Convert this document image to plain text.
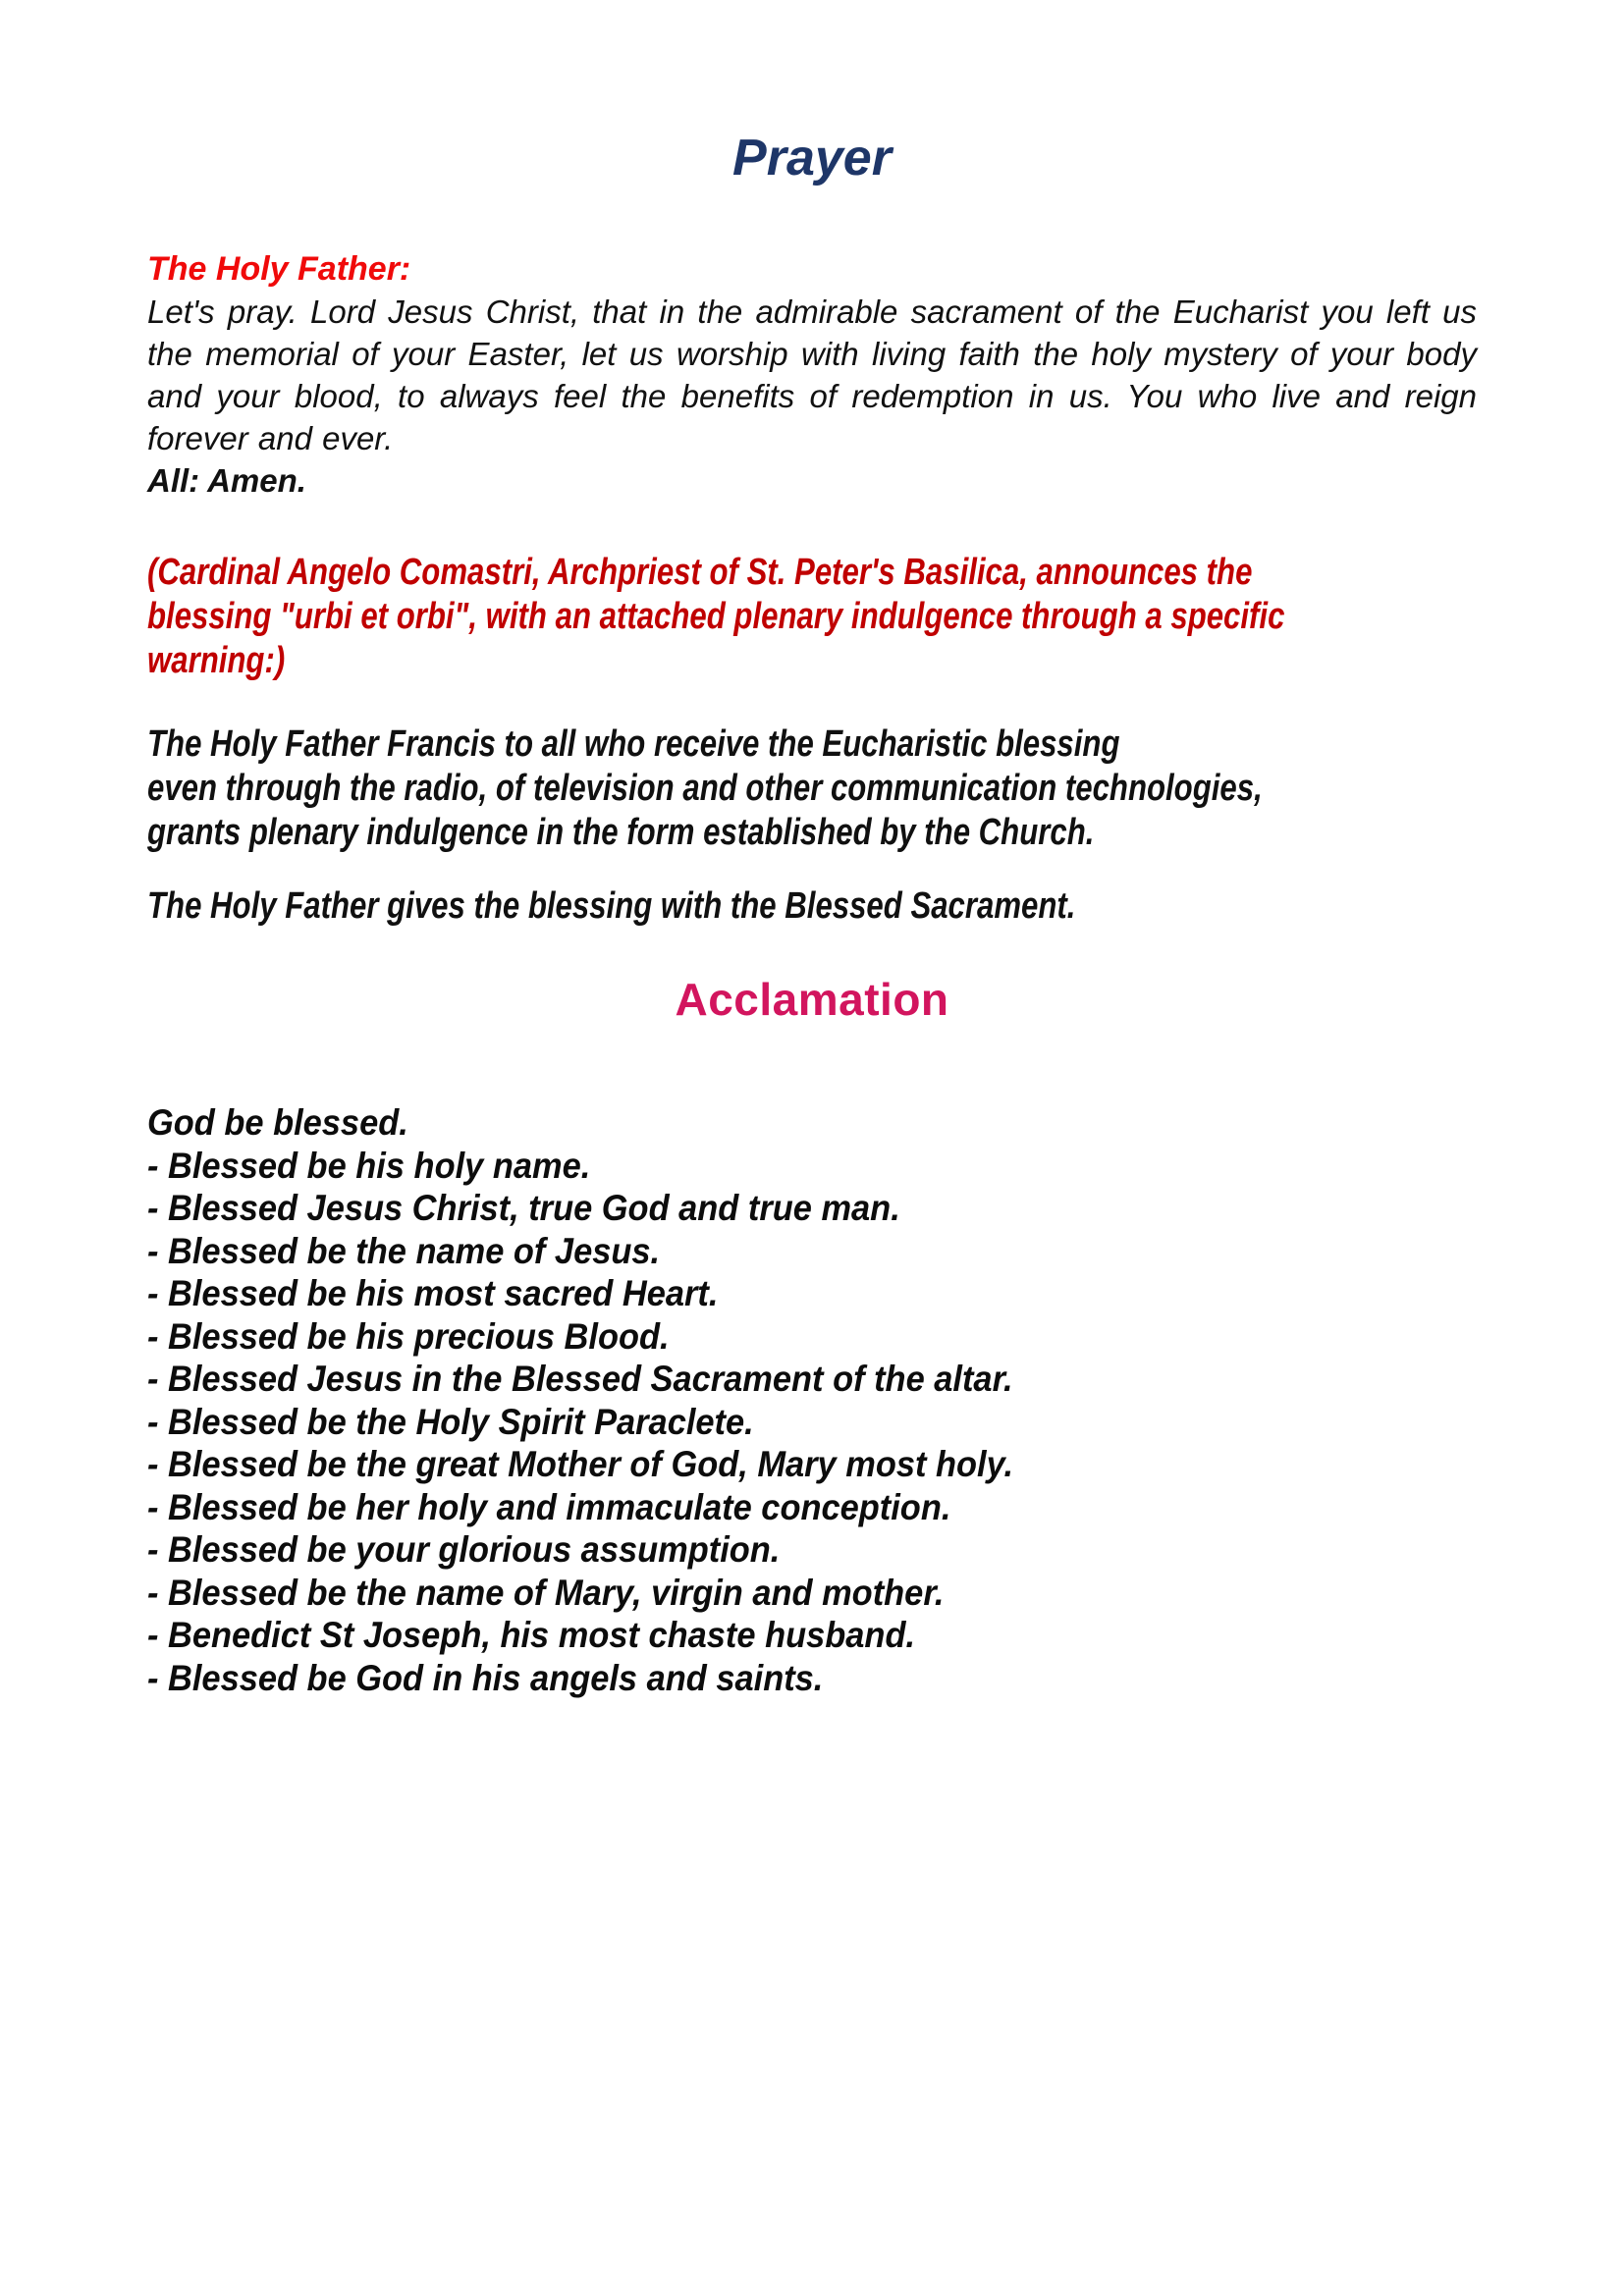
Prayer
The Holy Father:
Let's pray. Lord Jesus Christ, that in the admirable sacrament of the Eucharist you left us the memorial of your Easter, let us worship with living faith the holy mystery of your body and your blood, to always feel the benefits of redemption in us. You who live and reign forever and ever.
All: Amen.
(Cardinal Angelo Comastri, Archpriest of St. Peter's Basilica, announces the
blessing "urbi et orbi", with an attached plenary indulgence through a specific
warning:)
The Holy Father Francis to all who receive the Eucharistic blessing
even through the radio, of television and other communication technologies,
grants plenary indulgence in the form established by the Church.
The Holy Father gives the blessing with the Blessed Sacrament.
Acclamation
God be blessed.
- Blessed be his holy name.
- Blessed Jesus Christ, true God and true man.
- Blessed be the name of Jesus.
- Blessed be his most sacred Heart.
- Blessed be his precious Blood.
- Blessed Jesus in the Blessed Sacrament of the altar.
- Blessed be the Holy Spirit Paraclete.
- Blessed be the great Mother of God, Mary most holy.
- Blessed be her holy and immaculate conception.
- Blessed be your glorious assumption.
- Blessed be the name of Mary, virgin and mother.
- Benedict St Joseph, his most chaste husband.
- Blessed be God in his angels and saints.
